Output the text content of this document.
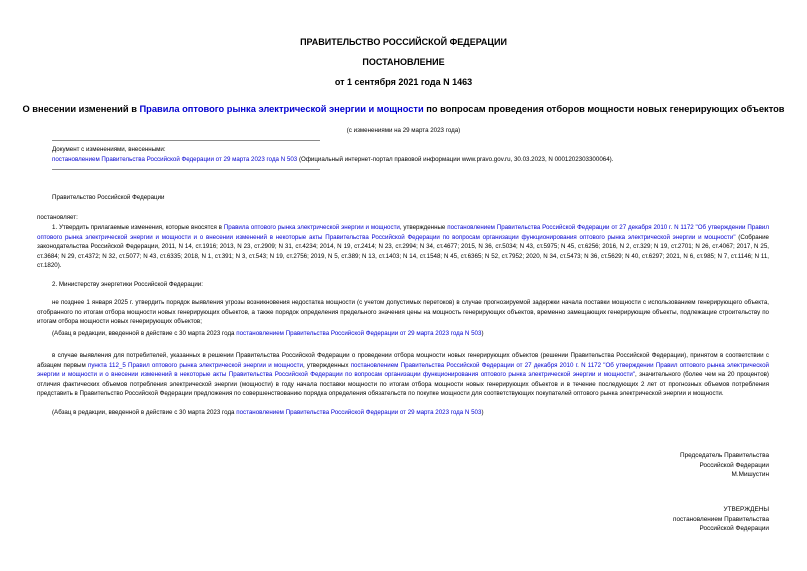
ПРАВИТЕЛЬСТВО РОССИЙСКОЙ ФЕДЕРАЦИИ
ПОСТАНОВЛЕНИЕ
от 1 сентября 2021 года N 1463
О внесении изменений в Правила оптового рынка электрической энергии и мощности по вопросам проведения отборов мощности новых генерирующих объектов
(с изменениями на 29 марта 2023 года)

Документ с изменениями, внесенными:

постановлением Правительства Российской Федерации от 29 марта 2023 года N 503 (Официальный интернет-портал правовой информации www.pravo.gov.ru, 30.03.2023, N 0001202303300064).

Правительство Российской Федерации
постановляет:
1. Утвердить прилагаемые изменения, которые вносятся в Правила оптового рынка электрической энергии и мощности, утвержденные постановлением Правительства Российской Федерации от 27 декабря 2010 г. N 1172 "Об утверждении Правил оптового рынка электрической энергии и мощности и о внесении изменений в некоторые акты Правительства Российской Федерации по вопросам организации функционирования оптового рынка электрической энергии и мощности" (Собрание законодательства Российской Федерации, 2011, N 14, ст.1916; 2013, N 23, ст.2909; N 31, ст.4234; 2014, N 19, ст.2414; N 23, ст.2994; N 34, ст.4677; 2015, N 36, ст.5034; N 43, ст.5975; N 45, ст.6256; 2016, N 2, ст.329; N 19, ст.2701; N 26, ст.4067; 2017, N 25, ст.3684; N 29, ст.4372; N 32, ст.5077; N 43, ст.6335; 2018, N 1, ст.391; N 3, ст.543; N 19, ст.2756; 2019, N 5, ст.389; N 13, ст.1403; N 14, ст.1548; N 45, ст.6365; N 52, ст.7952; 2020, N 34, ст.5473; N 36, ст.5629; N 40, ст.6297; 2021, N 6, ст.985; N 7, ст.1146; N 11, ст.1820).
2. Министерству энергетики Российской Федерации:
не позднее 1 января 2025 г. утвердить порядок выявления угрозы возникновения недостатка мощности (с учетом допустимых перетоков) в случае прогнозируемой задержки начала поставки мощности с использованием генерирующего объекта, отобранного по итогам отбора мощности новых генерирующих объектов, а также порядок определения предельного значения цены на мощность генерирующих объектов, временно замещающих генерирующие объекты, подлежащие строительству по итогам отбора мощности новых генерирующих объектов;
(Абзац в редакции, введенной в действие с 30 марта 2023 года постановлением Правительства Российской Федерации от 29 марта 2023 года N 503)
в случае выявления для потребителей, указанных в решении Правительства Российской Федерации о проведении отбора мощности новых генерирующих объектов (решении Правительства Российской Федерации), принятом в соответствии с абзацем первым пункта 112_5 Правил оптового рынка электрической энергии и мощности, утвержденных постановлением Правительства Российской Федерации от 27 декабря 2010 г. N 1172 "Об утверждении Правил оптового рынка электрической энергии и мощности и о внесении изменений в некоторые акты Правительства Российской Федерации по вопросам организации функционирования оптового рынка электрической энергии и мощности", значительного (более чем на 20 процентов) отличия фактических объемов потребления электрической энергии (мощности) в году начала поставки мощности по итогам отбора мощности новых генерирующих объектов и в течение последующих 2 лет от прогнозных объемов потребления представить в Правительство Российской Федерации предложения по совершенствованию порядка определения обязательств по покупке мощности для соответствующих покупателей оптового рынка электрической энергии и мощности.
(Абзац в редакции, введенной в действие с 30 марта 2023 года постановлением Правительства Российской Федерации от 29 марта 2023 года N 503)

Председатель Правительства

Российской Федерации

М.Мишустин

УТВЕРЖДЕНЫ

постановлением Правительства

Российской Федерации
